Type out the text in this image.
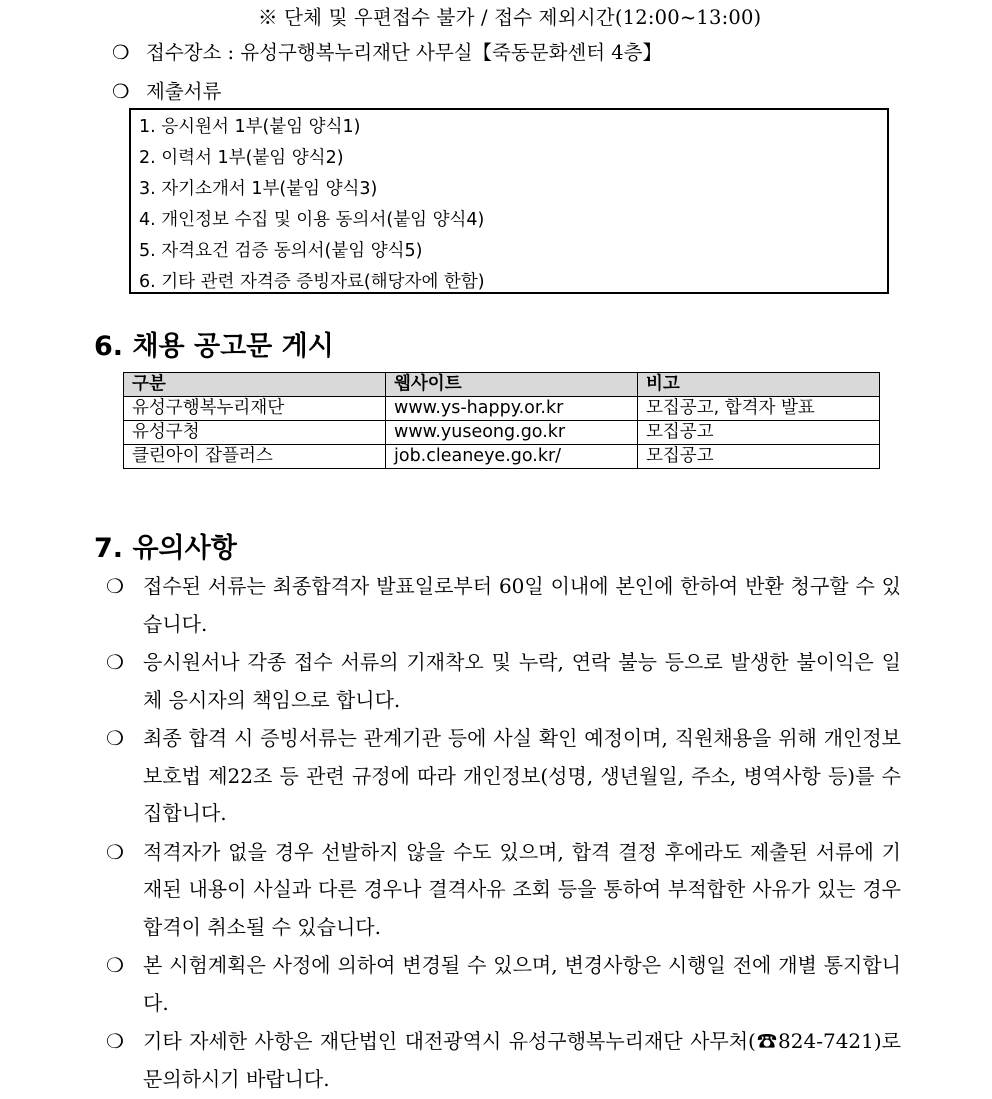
※ 단체 및 우편접수 불가 / 접수 제외시간(12:00~13:00)
❍ 접수장소 : 유성구행복누리재단 사무실【죽동문화센터 4층】
❍ 제출서류
1. 응시원서 1부(붙임 양식1)
2. 이력서 1부(붙임 양식2)
3. 자기소개서 1부(붙임 양식3)
4. 개인정보 수집 및 이용 동의서(붙임 양식4)
5. 자격요건 검증 동의서(붙임 양식5)
6. 기타 관련 자격증 증빙자료(해당자에 한함)
6. 채용 공고문 게시
구분	웹사이트	비고
유성구행복누리재단	www.ys-happy.or.kr	모집공고, 합격자 발표
유성구청	www.yuseong.go.kr	모집공고
클린아이 잡플러스	job.cleaneye.go.kr/	모집공고
7. 유의사항
❍ 접수된 서류는 최종합격자 발표일로부터 60일 이내에 본인에 한하여 반환 청구할 수 있습니다.
❍ 응시원서나 각종 접수 서류의 기재착오 및 누락, 연락 불능 등으로 발생한 불이익은 일체 응시자의 책임으로 합니다.
❍ 최종 합격 시 증빙서류는 관계기관 등에 사실 확인 예정이며, 직원채용을 위해 개인정보보호법 제22조 등 관련 규정에 따라 개인정보(성명, 생년월일, 주소, 병역사항 등)를 수집합니다.
❍ 적격자가 없을 경우 선발하지 않을 수도 있으며, 합격 결정 후에라도 제출된 서류에 기재된 내용이 사실과 다른 경우나 결격사유 조회 등을 통하여 부적합한 사유가 있는 경우 합격이 취소될 수 있습니다.
❍ 본 시험계획은 사정에 의하여 변경될 수 있으며, 변경사항은 시행일 전에 개별 통지합니다.
❍ 기타 자세한 사항은 재단법인 대전광역시 유성구행복누리재단 사무처(☎824-7421)로 문의하시기 바랍니다.
